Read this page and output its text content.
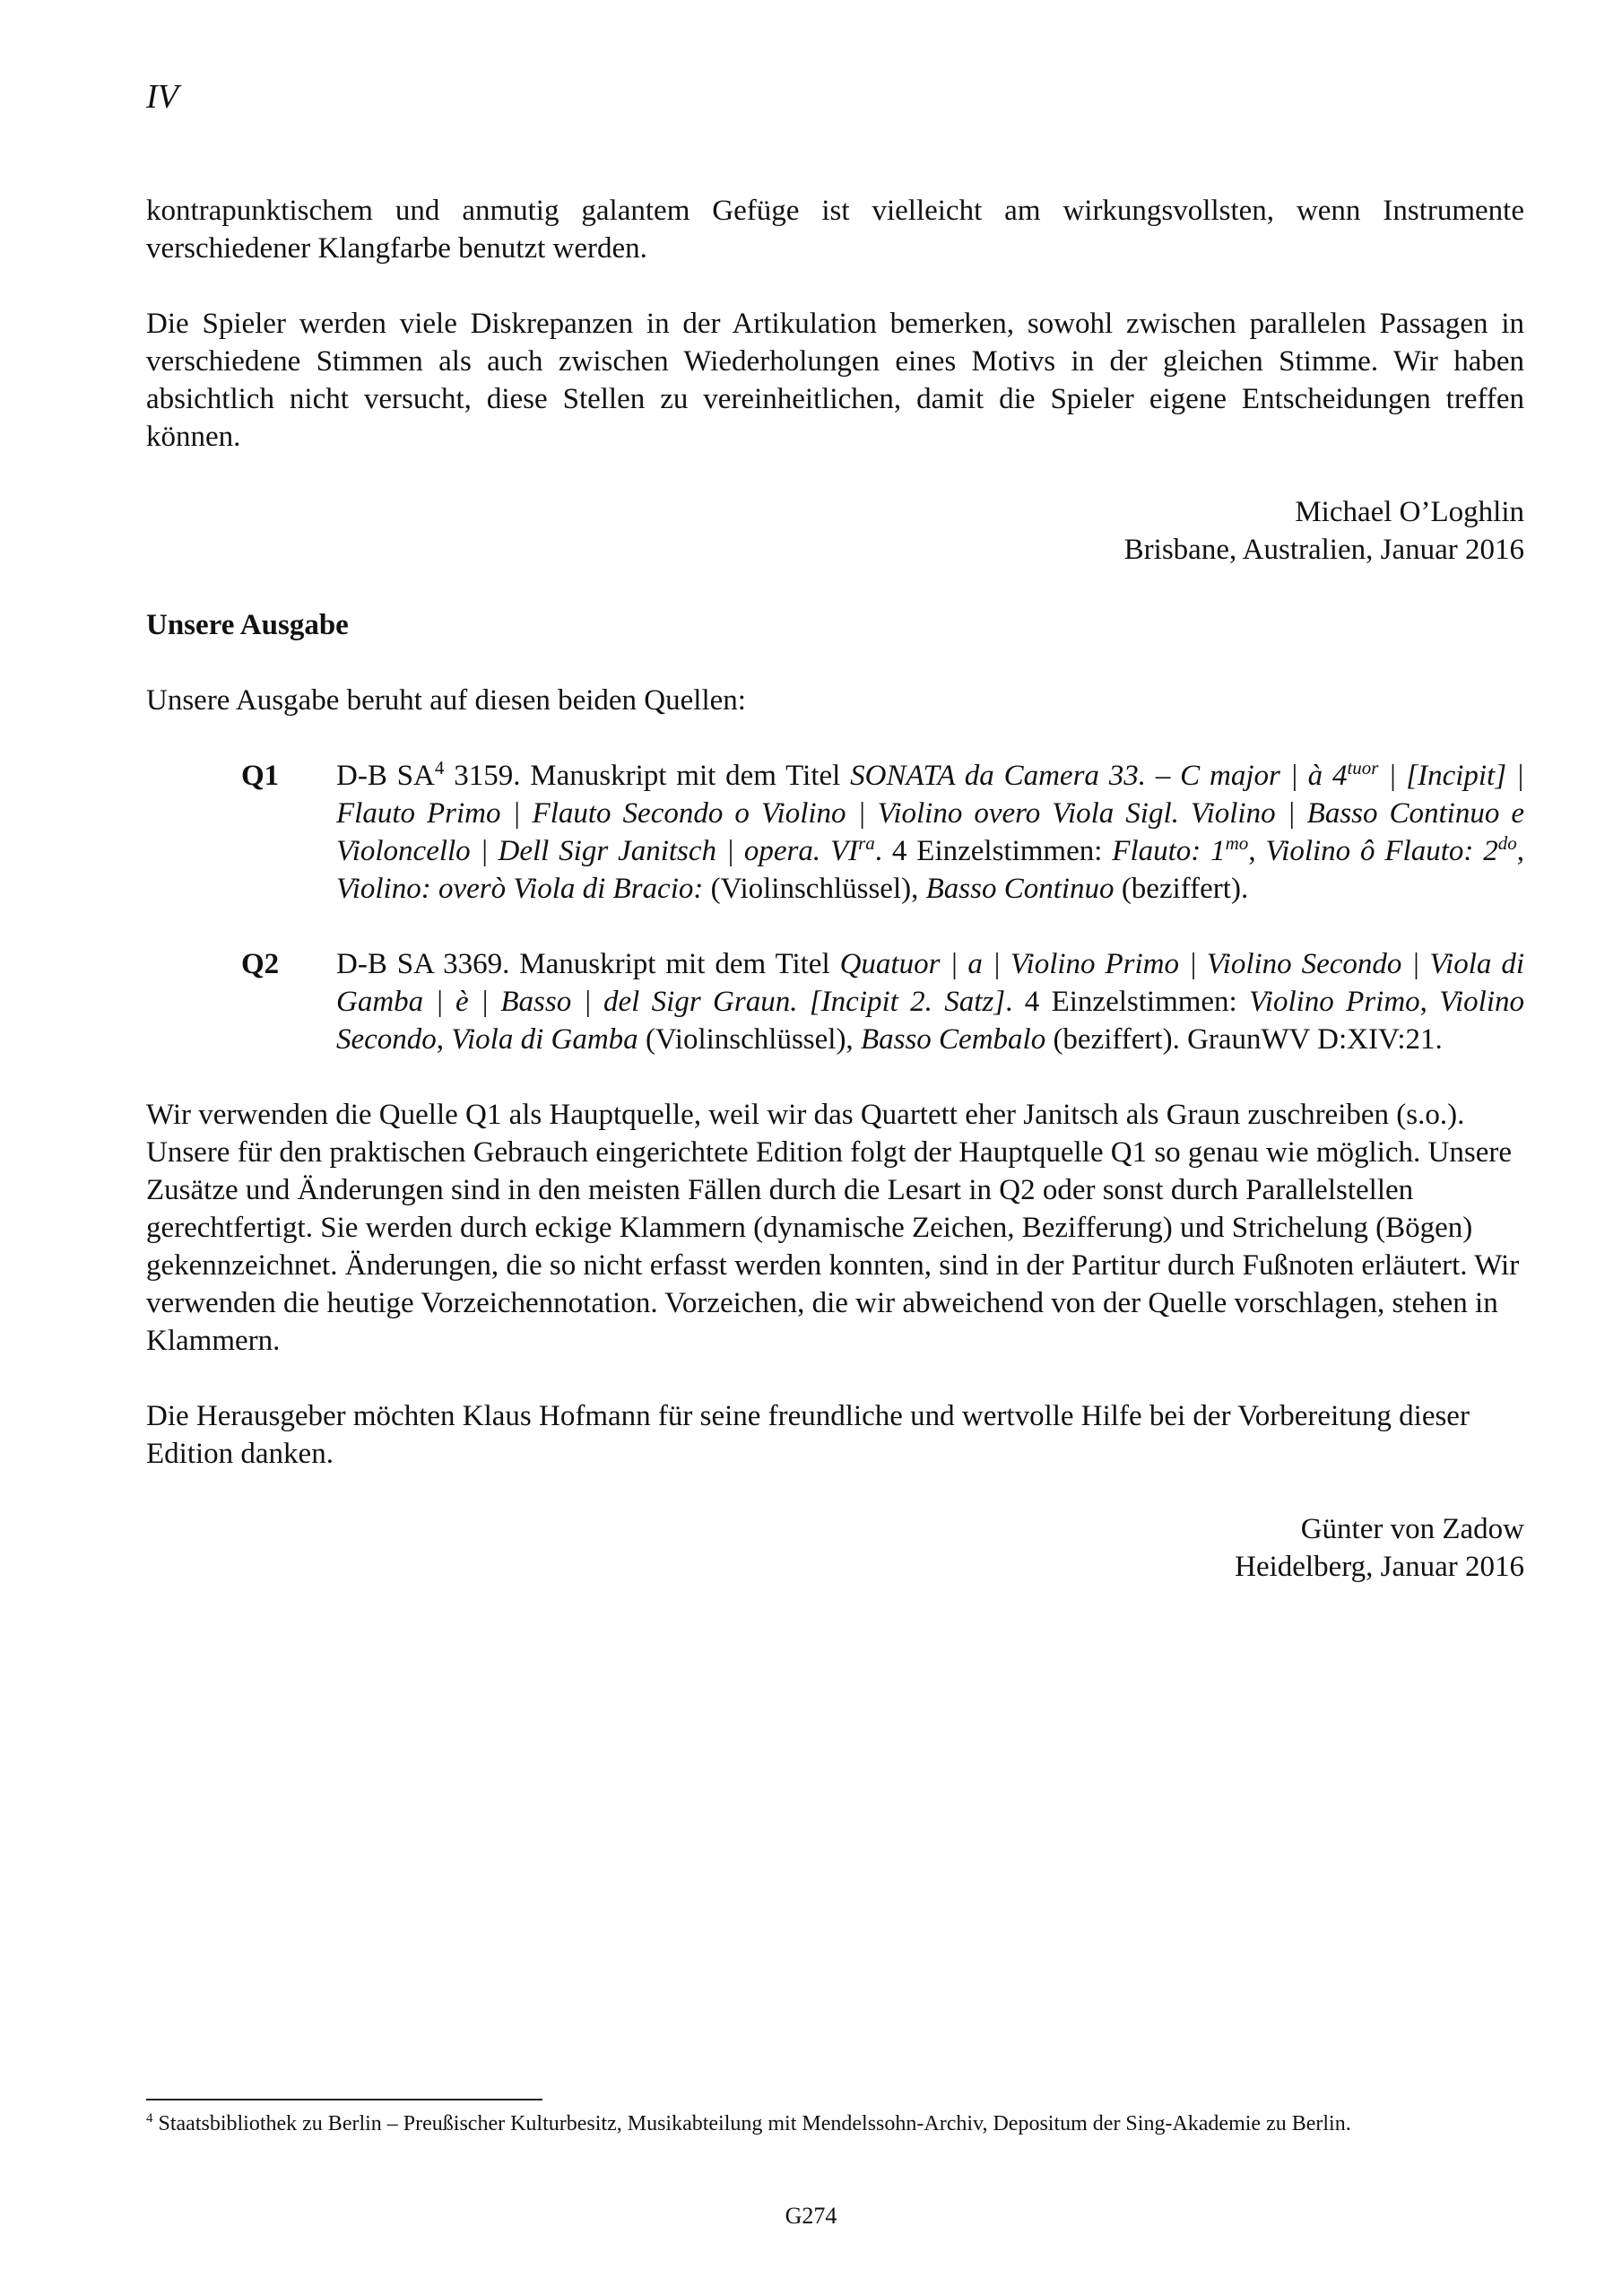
IV

kontrapunktischem und anmutig galantem Gefüge ist vielleicht am wirkungsvollsten, wenn Instrumente verschiedener Klangfarbe benutzt werden.

Die Spieler werden viele Diskrepanzen in der Artikulation bemerken, sowohl zwischen parallelen Passagen in verschiedene Stimmen als auch zwischen Wiederholungen eines Motivs in der gleichen Stimme. Wir haben absichtlich nicht versucht, diese Stellen zu vereinheitlichen, damit die Spieler eigene Entscheidungen treffen können.

Michael O’Loghlin
Brisbane, Australien, Januar 2016
Unsere Ausgabe

Unsere Ausgabe beruht auf diesen beiden Quellen:

Q1 D-B $SA^4$ 3159. Manuskript mit dem Titel SONATA da Camera 33. – C major | à $4^{tuor}$ | [Incipit] | Flauto Primo | Flauto Secondo o Violino | Violino overo Viola Sigl. Violino | Basso Continuo e Violoncello | Dell Sigr Janitsch | opera. $VI^{ra}$. 4 Einzelstimmen: Flauto: $1^{mo}$, Violino ô Flauto: $2^{do}$, Violino: overò Viola di Bracio: (Violinschlüssel), Basso Continuo (beziffert).
Q2 D-B SA 3369. Manuskript mit dem Titel Quatuor | a | Violino Primo | Violino Secondo | Viola di Gamba | è | Basso | del Sigr Graun. [Incipit 2. Satz]. 4 Einzelstimmen: Violino Primo, Violino Secondo, Viola di Gamba (Violinschlüssel), Basso Cembalo (beziffert). GraunWV D:XIV:21.

Wir verwenden die Quelle Q1 als Hauptquelle, weil wir das Quartett eher Janitsch als Graun zuschreiben (s.o.). Unsere für den praktischen Gebrauch eingerichtete Edition folgt der Hauptquelle Q1 so genau wie möglich. Unsere Zusätze und Änderungen sind in den meisten Fällen durch die Lesart in Q2 oder sonst durch Parallelstellen gerechtfertigt. Sie werden durch eckige Klammern (dynamische Zeichen, Bezifferung) und Strichelung (Bögen) gekennzeichnet. Änderungen, die so nicht erfasst werden konnten, sind in der Partitur durch Fußnoten erläutert. Wir verwenden die heutige Vorzeichennotation. Vorzeichen, die wir abweichend von der Quelle vorschlagen, stehen in Klammern.

Die Herausgeber möchten Klaus Hofmann für seine freundliche und wertvolle Hilfe bei der Vorbereitung dieser Edition danken.

Günter von Zadow
Heidelberg, Januar 2016
$^4$ Staatsbibliothek zu Berlin – Preußischer Kulturbesitz, Musikabteilung mit Mendelssohn-Archiv, Depositum der Sing-Akademie zu Berlin.
G274
